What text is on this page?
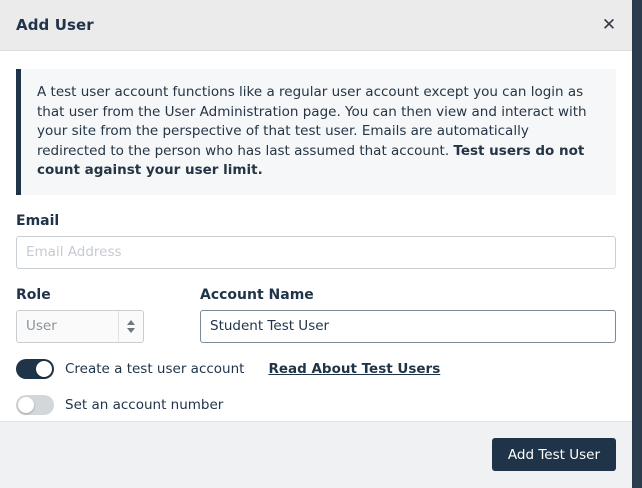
Add User	✕
A test user account functions like a regular user account except you can login as that user from the User Administration page. You can then view and interact with your site from the perspective of that test user. Emails are automatically redirected to the person who has last assumed that account. Test users do not count against your user limit.
Email
Email Address
Role
User	Account Name
Student Test User
Create a test user account Read About Test Users
Set an account number
Add Test User
